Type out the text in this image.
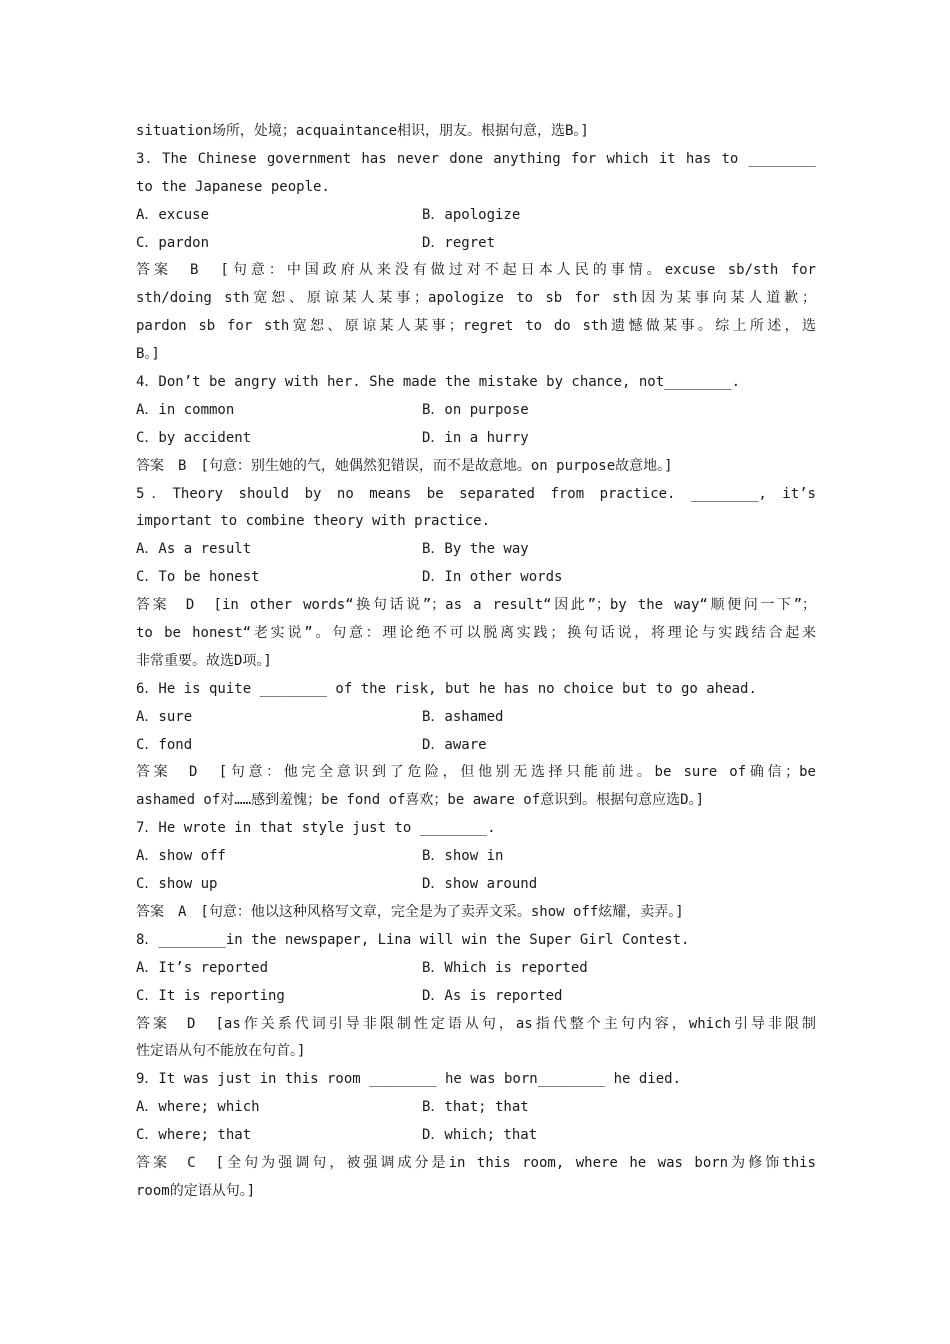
situation场所，处境；acquaintance相识，朋友。根据句意，选B。]
3．The Chinese government has never done anything for which it has to ________
to the Japanese people.
A．excuse	B．apologize
C．pardon	D．regret
答案　B　[句意：中国政府从来没有做过对不起日本人民的事情。excuse sb/sth for
sth/doing sth宽恕、原谅某人某事；apologize to sb for sth因为某事向某人道歉；
pardon sb for sth宽恕、原谅某人某事；regret to do sth遗憾做某事。综上所述，选
B。]
4．Don’t be angry with her. She made the mistake by chance, not________.
A．in common	B．on purpose
C．by accident	D．in a hurry
答案　B　[句意：别生她的气，她偶然犯错误，而不是故意地。on purpose故意地。]
5．Theory should by no means be separated from practice. ________, it’s
important to combine theory with practice.
A．As a result	B．By the way
C．To be honest	D．In other words
答案　D　[in other words“换句话说”；as a result“因此”；by the way“顺便问一下”；
to be honest“老实说”。句意：理论绝不可以脱离实践；换句话说，将理论与实践结合起来
非常重要。故选D项。]
6．He is quite ________ of the risk, but he has no choice but to go ahead.
A．sure	B．ashamed
C．fond	D．aware
答案　D　[句意：他完全意识到了危险，但他别无选择只能前进。be sure of确信；be
ashamed of对……感到羞愧；be fond of喜欢；be aware of意识到。根据句意应选D。]
7．He wrote in that style just to ________.
A．show off	B．show in
C．show up	D．show around
答案　A　[句意：他以这种风格写文章，完全是为了卖弄文采。show off炫耀，卖弄。]
8．________in the newspaper, Lina will win the Super Girl Contest.
A．It’s reported	B．Which is reported
C．It is reporting	D．As is reported
答案　D　[as作关系代词引导非限制性定语从句，as指代整个主句内容，which引导非限制
性定语从句不能放在句首。]
9．It was just in this room ________ he was born________ he died.
A．where; which	B．that; that
C．where; that	D．which; that
答案　C　[全句为强调句，被强调成分是in this room, where he was born为修饰this
room的定语从句。]
